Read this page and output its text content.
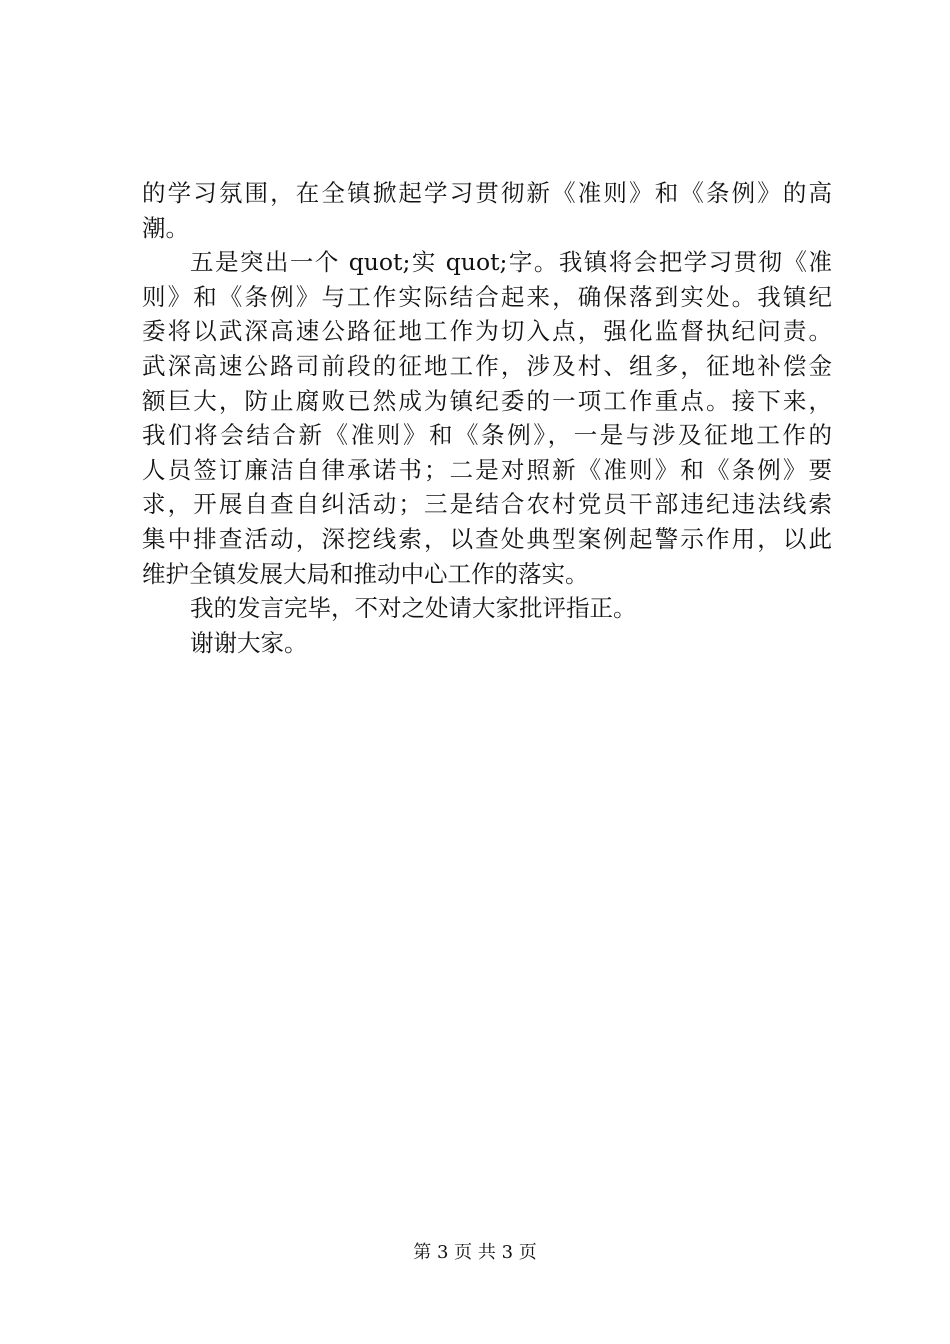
的学习氛围，在全镇掀起学习贯彻新《准则》和《条例》的高
潮。
五是突出一个 quot;实 quot;字。我镇将会把学习贯彻《准
则》和《条例》与工作实际结合起来，确保落到实处。我镇纪
委将以武深高速公路征地工作为切入点，强化监督执纪问责。
武深高速公路司前段的征地工作，涉及村、组多，征地补偿金
额巨大，防止腐败已然成为镇纪委的一项工作重点。接下来，
我们将会结合新《准则》和《条例》，一是与涉及征地工作的
人员签订廉洁自律承诺书；二是对照新《准则》和《条例》要
求，开展自查自纠活动；三是结合农村党员干部违纪违法线索
集中排查活动，深挖线索，以查处典型案例起警示作用，以此
维护全镇发展大局和推动中心工作的落实。
我的发言完毕，不对之处请大家批评指正。
谢谢大家。
第 3 页 共 3 页
